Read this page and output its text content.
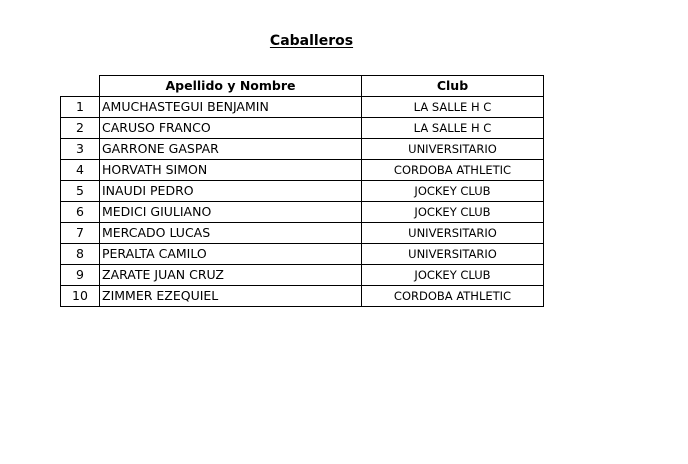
Caballeros
	Apellido y Nombre	Club
1	AMUCHASTEGUI BENJAMIN	LA SALLE H C
2	CARUSO FRANCO	LA SALLE H C
3	GARRONE GASPAR	UNIVERSITARIO
4	HORVATH SIMON	CORDOBA ATHLETIC
5	INAUDI PEDRO	JOCKEY CLUB
6	MEDICI GIULIANO	JOCKEY CLUB
7	MERCADO LUCAS	UNIVERSITARIO
8	PERALTA CAMILO	UNIVERSITARIO
9	ZARATE JUAN CRUZ	JOCKEY CLUB
10	ZIMMER EZEQUIEL	CORDOBA ATHLETIC
